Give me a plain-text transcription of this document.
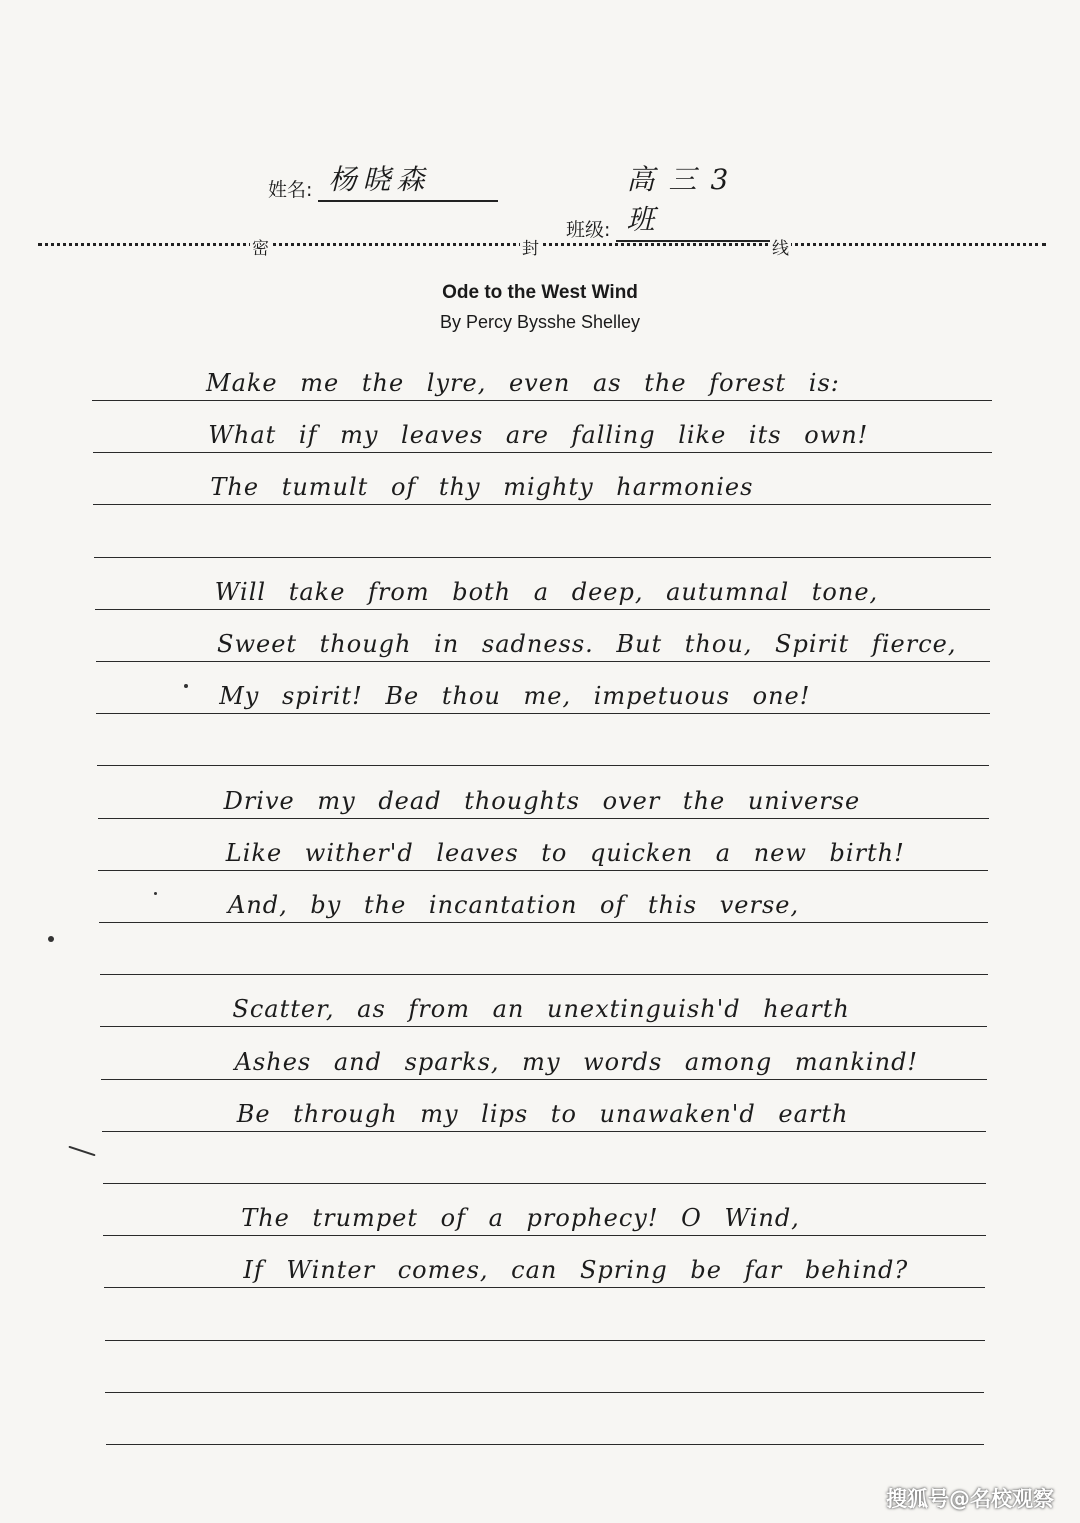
姓名: 杨晓森
班级: 高三3班
密	封	线
Ode to the West Wind
By Percy Bysshe Shelley
Make me the lyre, even as the forest is:
What if my leaves are falling like its own!
The tumult of thy mighty harmonies
Will take from both a deep, autumnal tone,
Sweet though in sadness. But thou, Spirit fierce,
My spirit! Be thou me, impetuous one!
Drive my dead thoughts over the universe
Like wither'd leaves to quicken a new birth!
And, by the incantation of this verse,
Scatter, as from an unextinguish'd hearth
Ashes and sparks, my words among mankind!
Be through my lips to unawaken'd earth
The trumpet of a prophecy! O Wind,
If Winter comes, can Spring be far behind?
搜狐号@名校观察
